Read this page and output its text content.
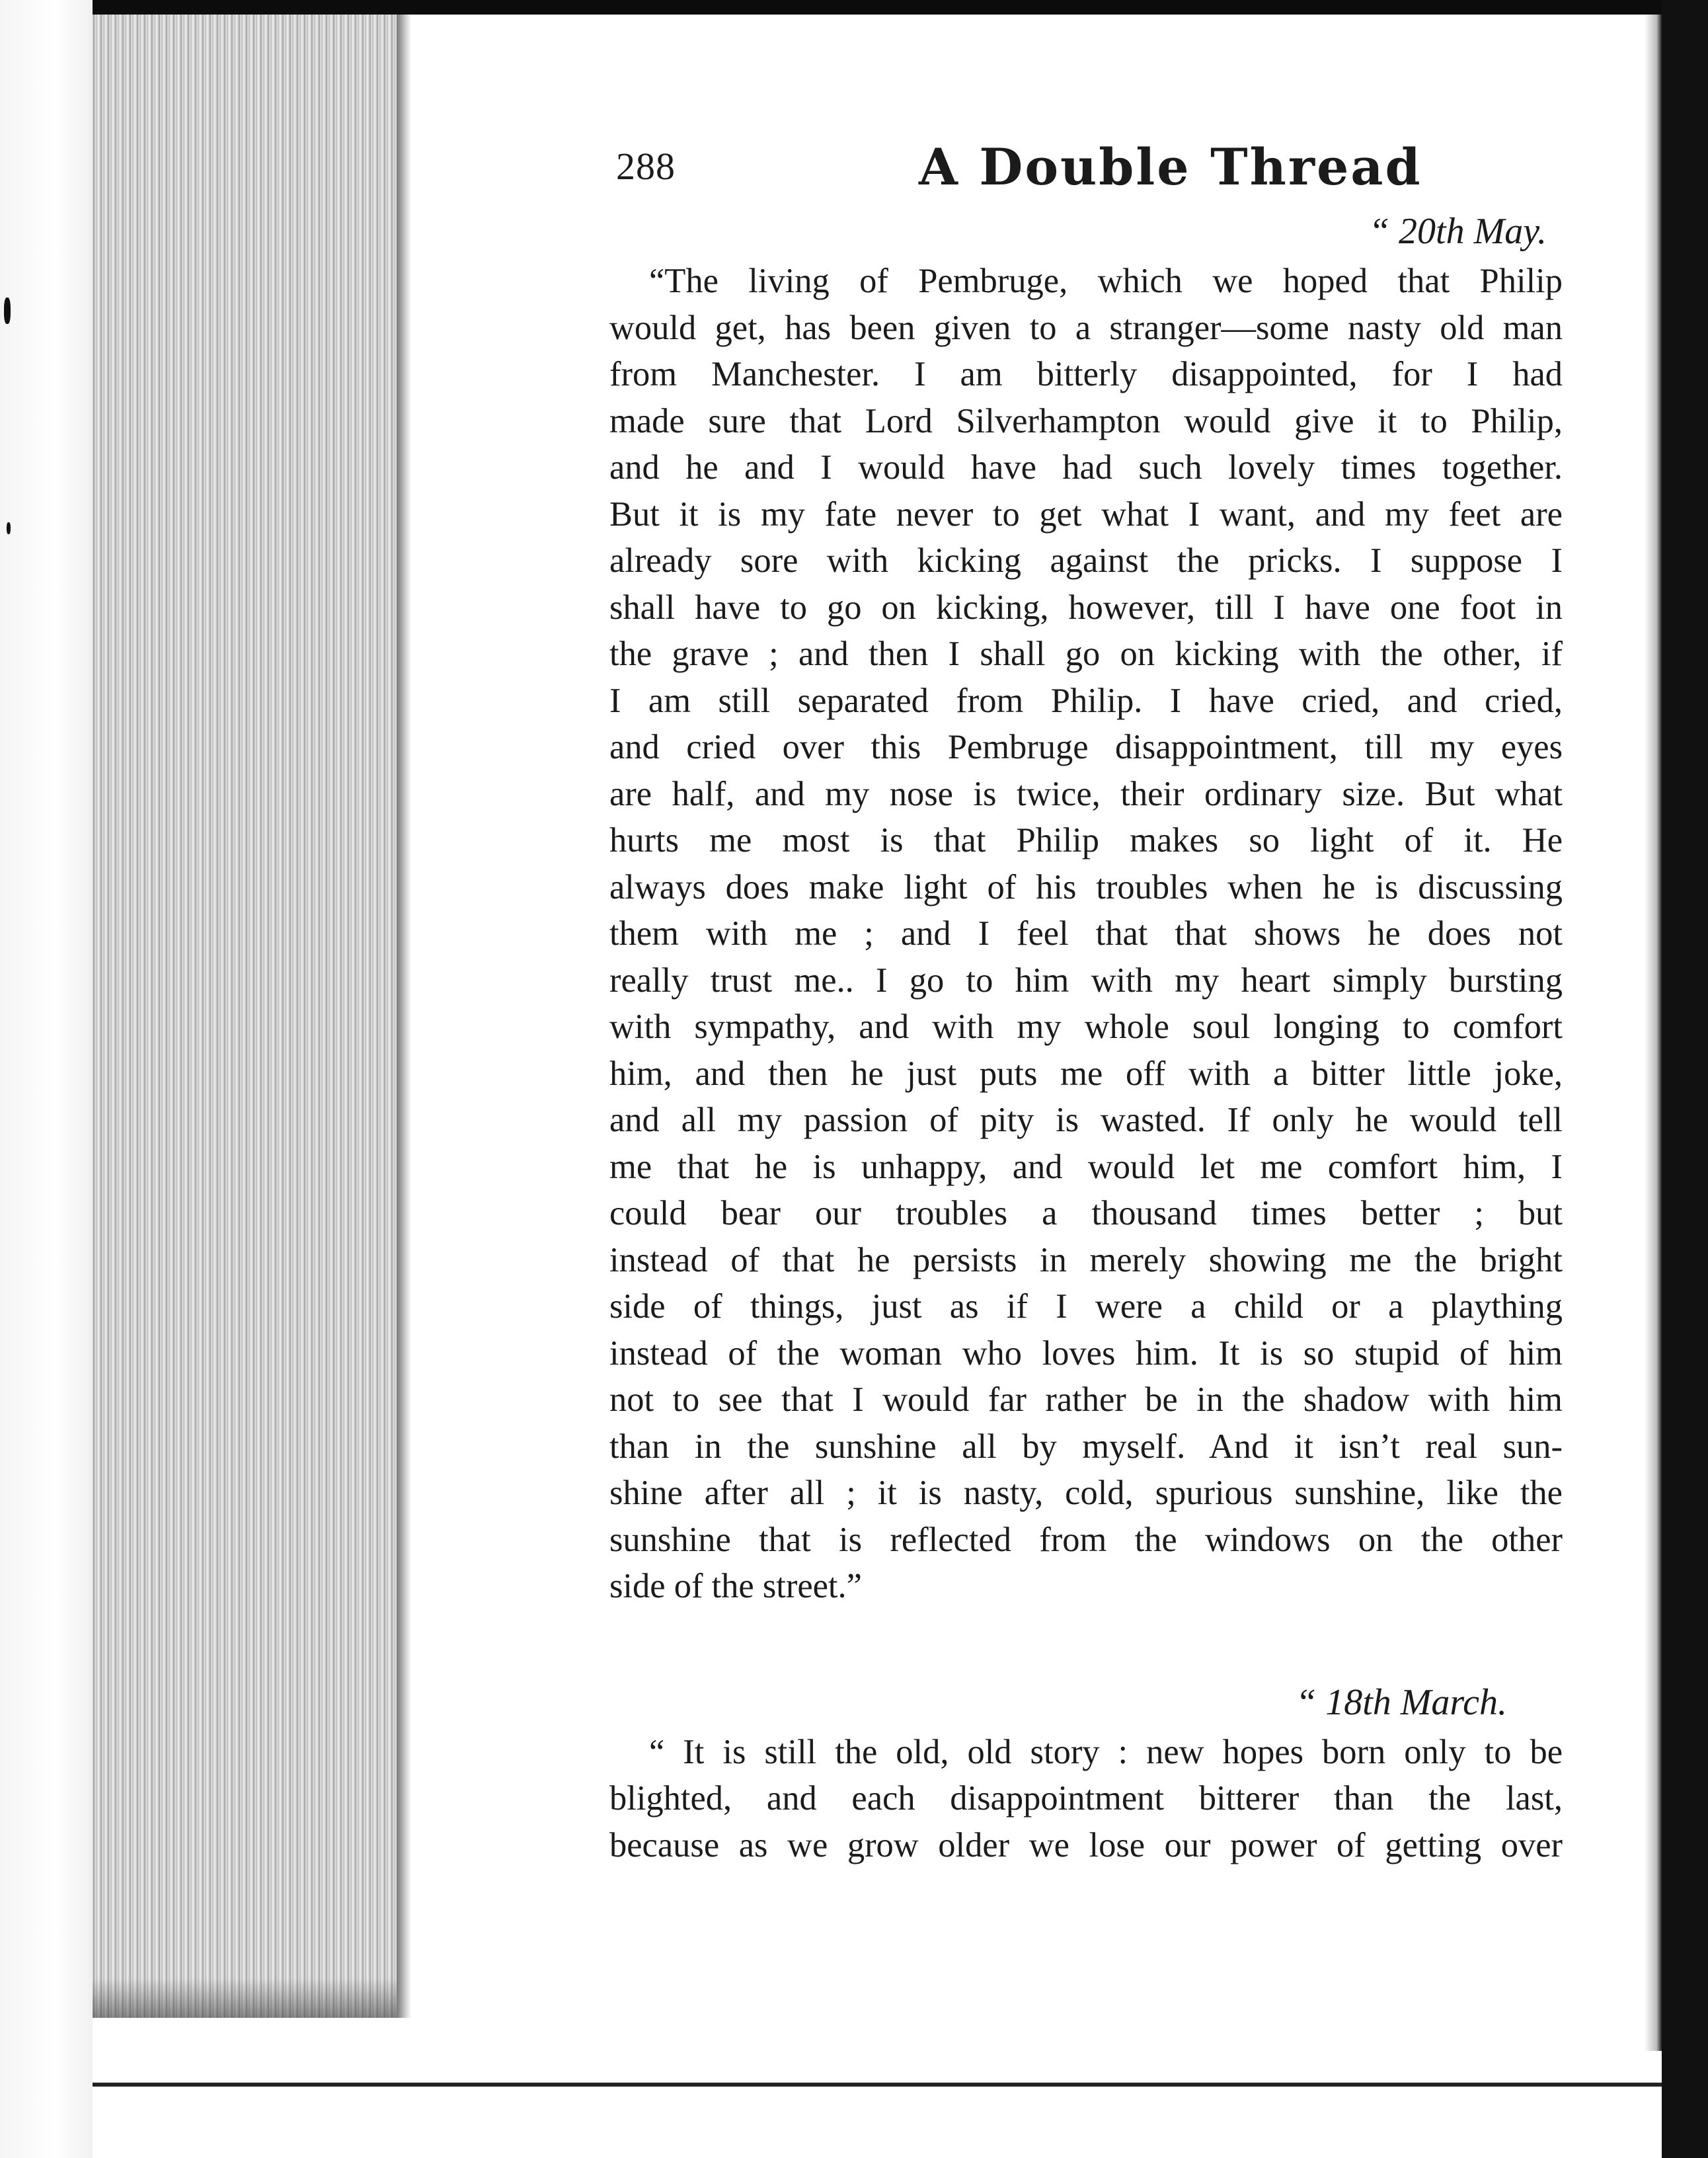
288	A Double Thread
“ 20th May.
“The living of Pembruge, which we hoped that Philip
would get, has been given to a stranger—some nasty old man
from Manchester. I am bitterly disappointed, for I had
made sure that Lord Silverhampton would give it to Philip,
and he and I would have had such lovely times together.
But it is my fate never to get what I want, and my feet are
already sore with kicking against the pricks. I suppose I
shall have to go on kicking, however, till I have one foot in
the grave ; and then I shall go on kicking with the other, if
I am still separated from Philip. I have cried, and cried,
and cried over this Pembruge disappointment, till my eyes
are half, and my nose is twice, their ordinary size. But what
hurts me most is that Philip makes so light of it. He
always does make light of his troubles when he is discussing
them with me ; and I feel that that shows he does not
really trust me.. I go to him with my heart simply bursting
with sympathy, and with my whole soul longing to comfort
him, and then he just puts me off with a bitter little joke,
and all my passion of pity is wasted. If only he would tell
me that he is unhappy, and would let me comfort him, I
could bear our troubles a thousand times better ; but
instead of that he persists in merely showing me the bright
side of things, just as if I were a child or a plaything
instead of the woman who loves him. It is so stupid of him
not to see that I would far rather be in the shadow with him
than in the sunshine all by myself. And it isn’t real sun-
shine after all ; it is nasty, cold, spurious sunshine, like the
sunshine that is reflected from the windows on the other
side of the street.”
“ 18th March.
“ It is still the old, old story : new hopes born only to be
blighted, and each disappointment bitterer than the last,
because as we grow older we lose our power of getting over
